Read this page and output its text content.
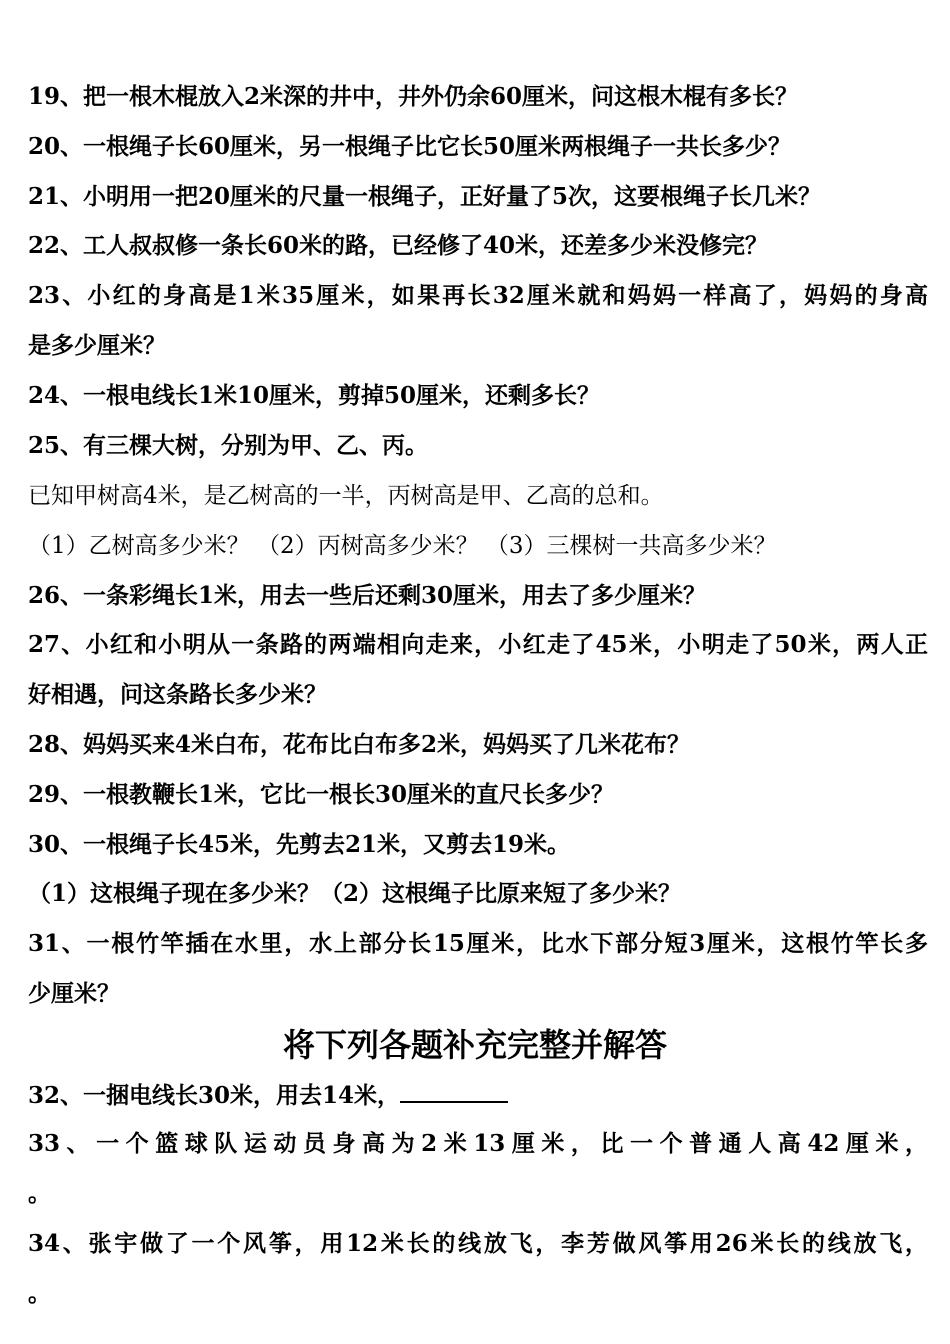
19、把一根木棍放入2米深的井中，井外仍余60厘米，问这根木棍有多长？
20、一根绳子长60厘米，另一根绳子比它长50厘米两根绳子一共长多少？
21、小明用一把20厘米的尺量一根绳子，正好量了5次，这要根绳子长几米？
22、工人叔叔修一条长60米的路，已经修了40米，还差多少米没修完？
23、小红的身高是1米35厘米，如果再长32厘米就和妈妈一样高了，妈妈的身高
是多少厘米？
24、一根电线长1米10厘米，剪掉50厘米，还剩多长？
25、有三棵大树，分别为甲、乙、丙。
已知甲树高4米，是乙树高的一半，丙树高是甲、乙高的总和。
（1）乙树高多少米？ （2）丙树高多少米？ （3）三棵树一共高多少米？
26、一条彩绳长1米，用去一些后还剩30厘米，用去了多少厘米？
27、小红和小明从一条路的两端相向走来，小红走了45米，小明走了50米，两人正
好相遇，问这条路长多少米？
28、妈妈买来4米白布，花布比白布多2米，妈妈买了几米花布？
29、一根教鞭长1米，它比一根长30厘米的直尺长多少？
30、一根绳子长45米，先剪去21米，又剪去19米。
（1）这根绳子现在多少米？（2）这根绳子比原来短了多少米？
31、一根竹竿插在水里，水上部分长15厘米，比水下部分短3厘米，这根竹竿长多
少厘米？
将下列各题补充完整并解答
32、一捆电线长30米，用去14米，
33、一个篮球队运动员身高为2米13厘米，比一个普通人高42厘米，
。
34、张宇做了一个风筝，用12米长的线放飞，李芳做风筝用26米长的线放飞，
。
